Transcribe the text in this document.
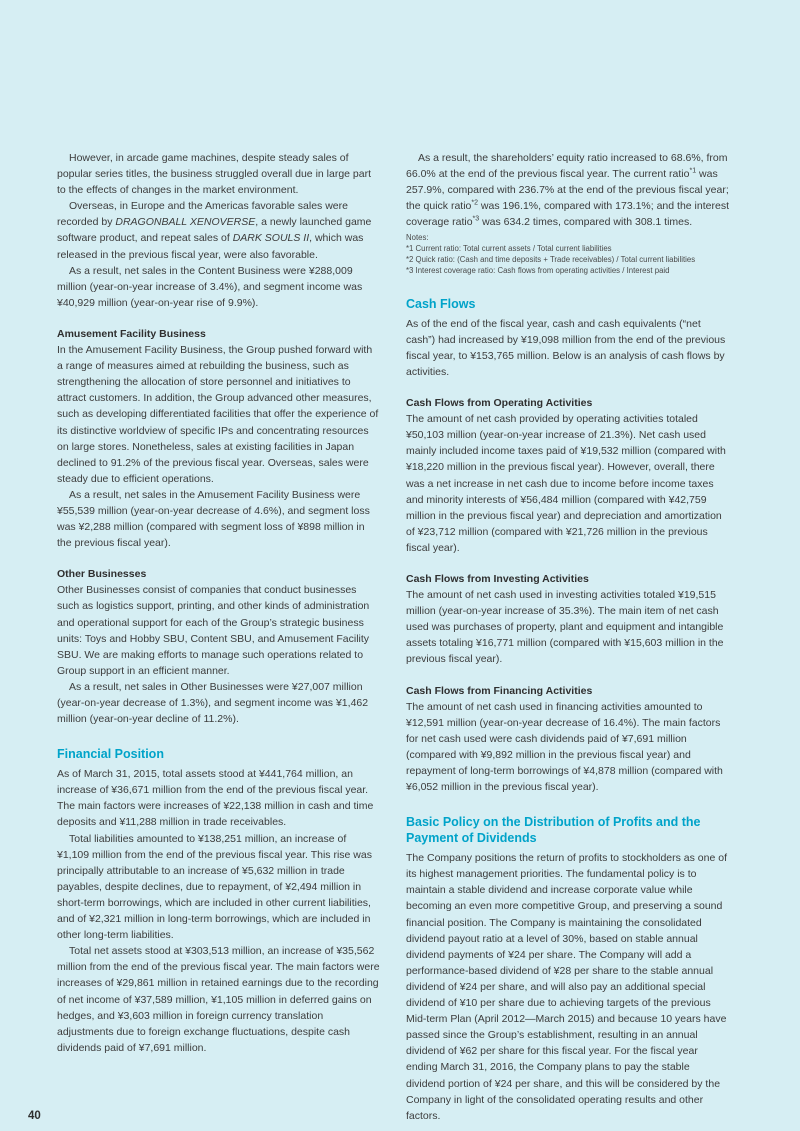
However, in arcade game machines, despite steady sales of popular series titles, the business struggled overall due in large part to the effects of changes in the market environment.

Overseas, in Europe and the Americas favorable sales were recorded by DRAGONBALL XENOVERSE, a newly launched game software product, and repeat sales of DARK SOULS II, which was released in the previous fiscal year, were also favorable.

As a result, net sales in the Content Business were ¥288,009 million (year-on-year increase of 3.4%), and segment income was ¥40,929 million (year-on-year rise of 9.9%).

Amusement Facility Business

In the Amusement Facility Business, the Group pushed forward with a range of measures aimed at rebuilding the business, such as strengthening the allocation of store personnel and initiatives to attract customers. In addition, the Group advanced other measures, such as developing differentiated facilities that offer the experience of its distinctive worldview of specific IPs and concentrating resources on large stores. Nonetheless, sales at existing facilities in Japan declined to 91.2% of the previous fiscal year. Overseas, sales were steady due to efficient operations.

As a result, net sales in the Amusement Facility Business were ¥55,539 million (year-on-year decrease of 4.6%), and segment loss was ¥2,288 million (compared with segment loss of ¥898 million in the previous fiscal year).

Other Businesses

Other Businesses consist of companies that conduct businesses such as logistics support, printing, and other kinds of administration and operational support for each of the Group’s strategic business units: Toys and Hobby SBU, Content SBU, and Amusement Facility SBU. We are making efforts to manage such operations related to Group support in an efficient manner.

As a result, net sales in Other Businesses were ¥27,007 million (year-on-year decrease of 1.3%), and segment income was ¥1,462 million (year-on-year decline of 11.2%).

Financial Position

As of March 31, 2015, total assets stood at ¥441,764 million, an increase of ¥36,671 million from the end of the previous fiscal year. The main factors were increases of ¥22,138 million in cash and time deposits and ¥11,288 million in trade receivables.

Total liabilities amounted to ¥138,251 million, an increase of ¥1,109 million from the end of the previous fiscal year. This rise was principally attributable to an increase of ¥5,632 million in trade payables, despite declines, due to repayment, of ¥2,494 million in short-term borrowings, which are included in other current liabilities, and of ¥2,321 million in long-term borrowings, which are included in other long-term liabilities.

Total net assets stood at ¥303,513 million, an increase of ¥35,562 million from the end of the previous fiscal year. The main factors were increases of ¥29,861 million in retained earnings due to the recording of net income of ¥37,589 million, ¥1,105 million in deferred gains on hedges, and ¥3,603 million in foreign currency translation adjustments due to foreign exchange fluctuations, despite cash dividends paid of ¥7,691 million.

As a result, the shareholders’ equity ratio increased to 68.6%, from 66.0% at the end of the previous fiscal year. The current ratio$^{*1}$ was 257.9%, compared with 236.7% at the end of the previous fiscal year; the quick ratio$^{*2}$ was 196.1%, compared with 173.1%; and the interest coverage ratio$^{*3}$ was 634.2 times, compared with 308.1 times.

Notes:
*1 Current ratio: Total current assets / Total current liabilities
*2 Quick ratio: (Cash and time deposits + Trade receivables) / Total current liabilities
*3 Interest coverage ratio: Cash flows from operating activities / Interest paid
Cash Flows

As of the end of the fiscal year, cash and cash equivalents (“net cash”) had increased by ¥19,098 million from the end of the previous fiscal year, to ¥153,765 million. Below is an analysis of cash flows by activities.

Cash Flows from Operating Activities

The amount of net cash provided by operating activities totaled ¥50,103 million (year-on-year increase of 21.3%). Net cash used mainly included income taxes paid of ¥19,532 million (compared with ¥18,220 million in the previous fiscal year). However, overall, there was a net increase in net cash due to income before income taxes and minority interests of ¥56,484 million (compared with ¥42,759 million in the previous fiscal year) and depreciation and amortization of ¥23,712 million (compared with ¥21,726 million in the previous fiscal year).

Cash Flows from Investing Activities

The amount of net cash used in investing activities totaled ¥19,515 million (year-on-year increase of 35.3%). The main item of net cash used was purchases of property, plant and equipment and intangible assets totaling ¥16,771 million (compared with ¥15,603 million in the previous fiscal year).

Cash Flows from Financing Activities

The amount of net cash used in financing activities amounted to ¥12,591 million (year-on-year decrease of 16.4%). The main factors for net cash used were cash dividends paid of ¥7,691 million (compared with ¥9,892 million in the previous fiscal year) and repayment of long-term borrowings of ¥4,878 million (compared with ¥6,052 million in the previous fiscal year).

Basic Policy on the Distribution of Profits and the Payment of Dividends

The Company positions the return of profits to stockholders as one of its highest management priorities. The fundamental policy is to maintain a stable dividend and increase corporate value while becoming an even more competitive Group, and preserving a sound financial position. The Company is maintaining the consolidated dividend payout ratio at a level of 30%, based on stable annual dividend payments of ¥24 per share. The Company will add a performance-based dividend of ¥28 per share to the stable annual dividend of ¥24 per share, and will also pay an additional special dividend of ¥10 per share due to achieving targets of the previous Mid-term Plan (April 2012—March 2015) and because 10 years have passed since the Group’s establishment, resulting in an annual dividend of ¥62 per share for this fiscal year. For the fiscal year ending March 31, 2016, the Company plans to pay the stable dividend portion of ¥24 per share, and this will be considered by the Company in light of the consolidated operating results and other factors.

40
